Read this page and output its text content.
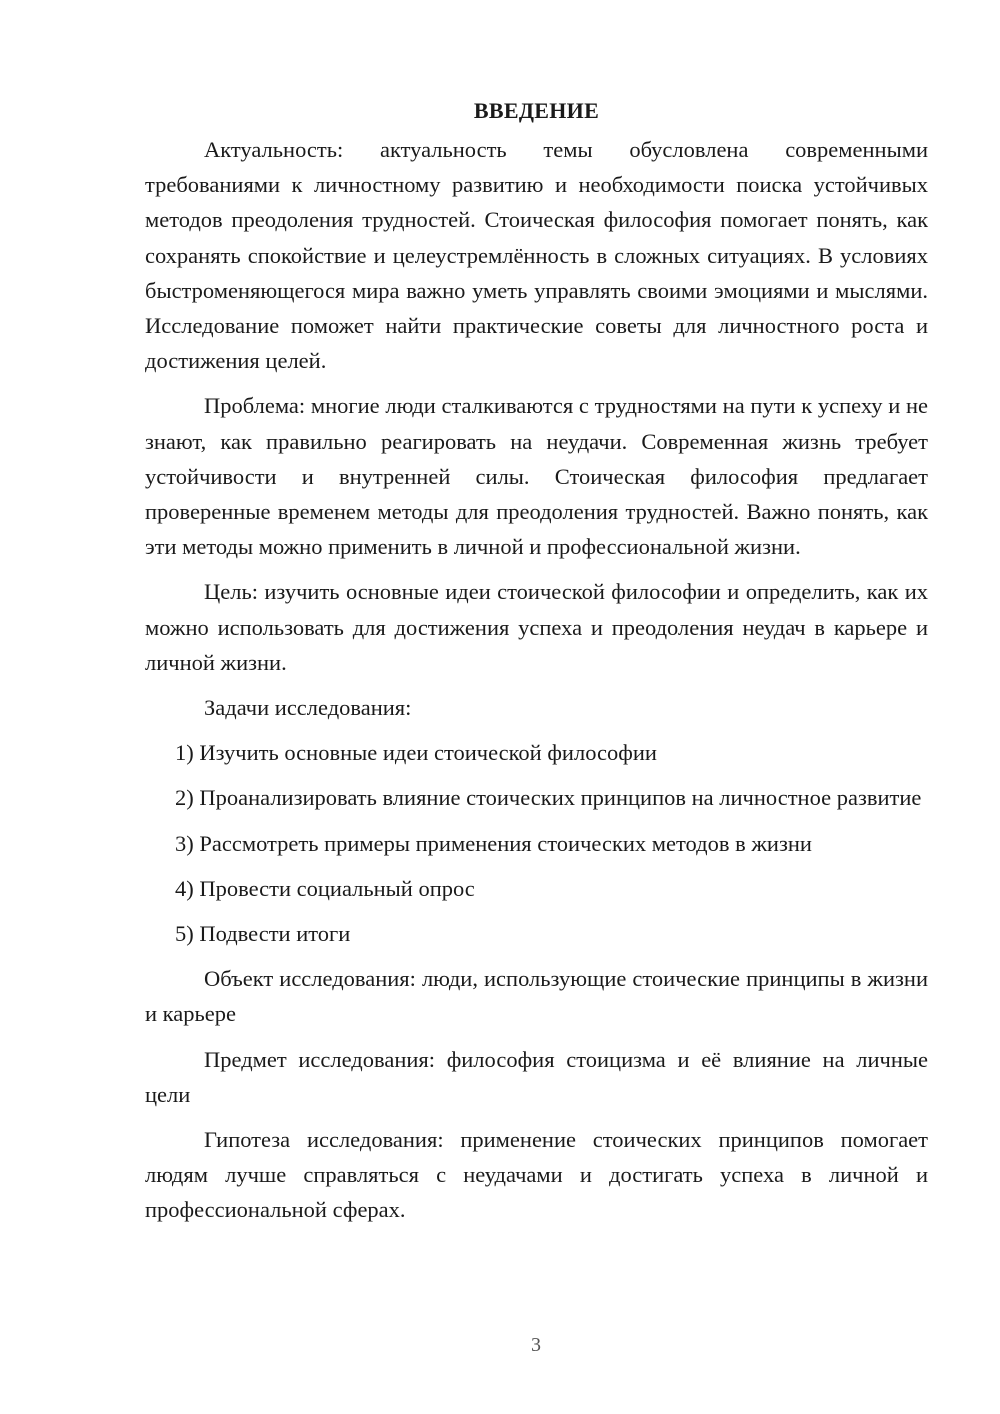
ВВЕДЕНИЕ

Актуальность: актуальность темы обусловлена современными требованиями к личностному развитию и необходимости поиска устойчивых методов преодоления трудностей. Стоическая философия помогает понять, как сохранять спокойствие и целеустремлённость в сложных ситуациях. В условиях быстроменяющегося мира важно уметь управлять своими эмоциями и мыслями. Исследование поможет найти практические советы для личностного роста и достижения целей.

Проблема: многие люди сталкиваются с трудностями на пути к успеху и не знают, как правильно реагировать на неудачи. Современная жизнь требует устойчивости и внутренней силы. Стоическая философия предлагает проверенные временем методы для преодоления трудностей. Важно понять, как эти методы можно применить в личной и профессиональной жизни.

Цель: изучить основные идеи стоической философии и определить, как их можно использовать для достижения успеха и преодоления неудач в карьере и личной жизни.

Задачи исследования:

1) Изучить основные идеи стоической философии

2) Проанализировать влияние стоических принципов на личностное развитие

3) Рассмотреть примеры применения стоических методов в жизни

4) Провести социальный опрос

5) Подвести итоги

Объект исследования: люди, использующие стоические принципы в жизни и карьере

Предмет исследования: философия стоицизма и её влияние на личные цели

Гипотеза исследования: применение стоических принципов помогает людям лучше справляться с неудачами и достигать успеха в личной и профессиональной сферах.

3
